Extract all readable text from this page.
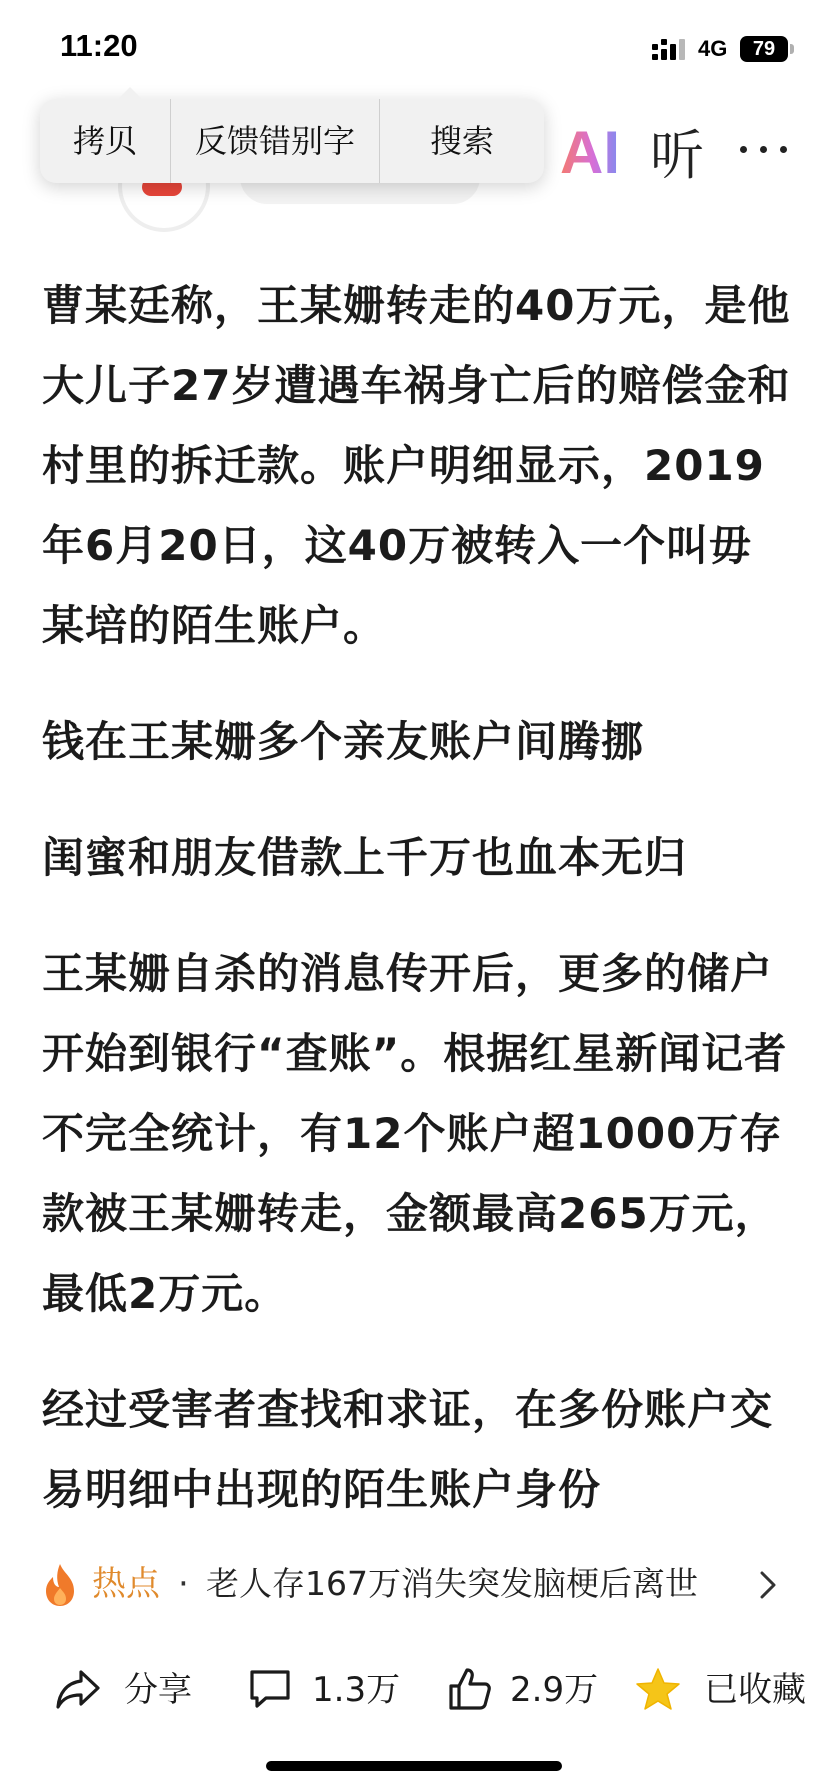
11:20	4G	79
AI 听
拷贝	反馈错别字	搜索

曹某廷称，王某姗转走的40万元，是他大儿子27岁遭遇车祸身亡后的赔偿金和村里的拆迁款。账户明细显示，2019年6月20日，这40万被转入一个叫毋某培的陌生账户。

钱在王某姗多个亲友账户间腾挪

闺蜜和朋友借款上千万也血本无归

王某姗自杀的消息传开后，更多的储户开始到银行“查账”。根据红星新闻记者不完全统计，有12个账户超1000万存款被王某姗转走，金额最高265万元，最低2万元。

经过受害者查找和求证，在多份账户交易明细中出现的陌生账户身份

热点 · 老人存167万消失突发脑梗后离世
分享	1.3万	2.9万	已收藏
